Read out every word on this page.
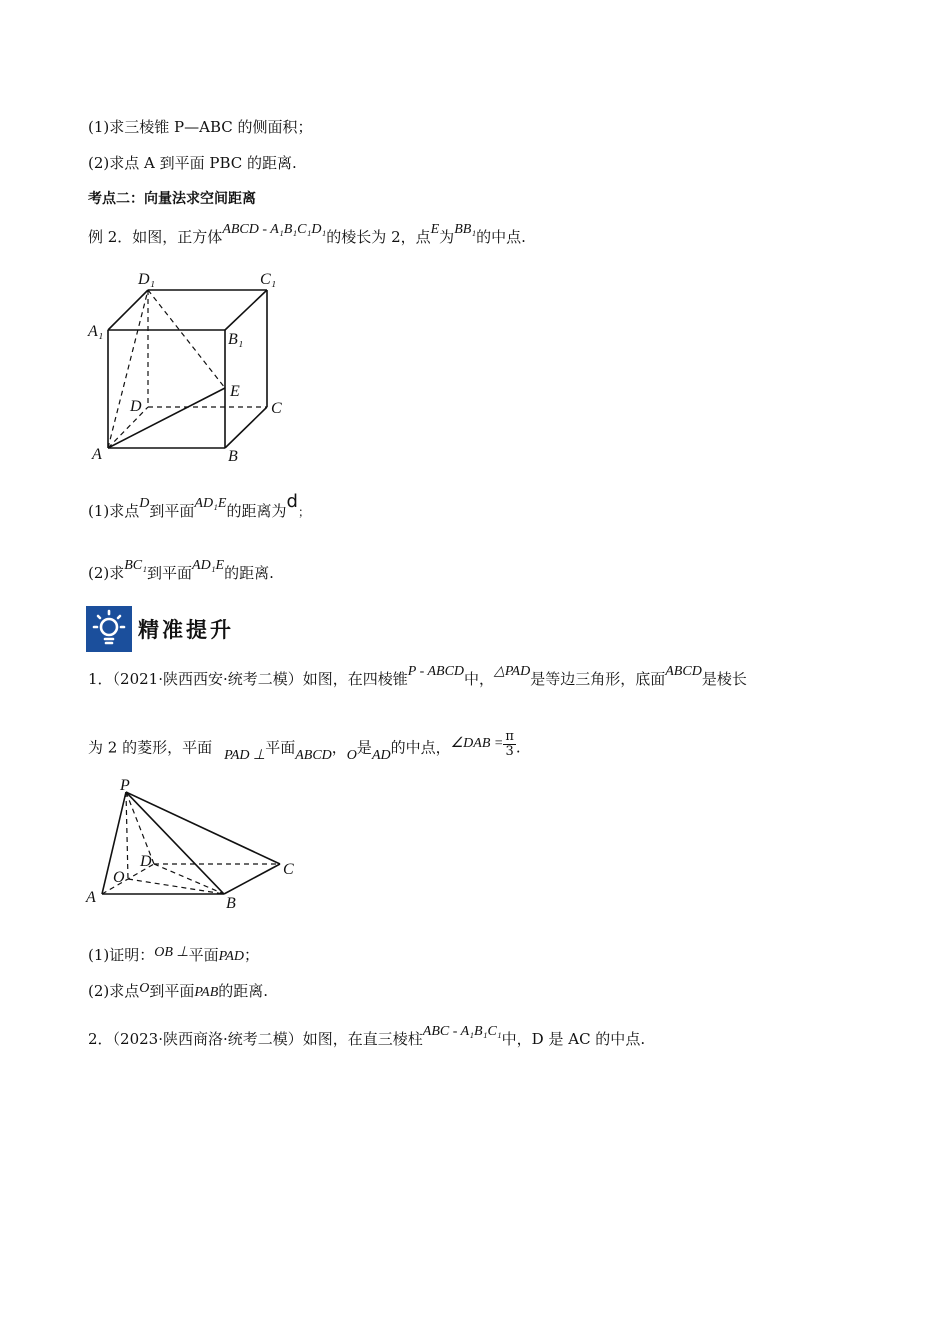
(1)求三棱锥 P—ABC 的侧面积；
(2)求点 A 到平面 PBC 的距离.
考点二：向量法求空间距离
例 2．如图，正方体ABCD - A₁B₁C₁D₁的棱长为 2，点E为BB₁的中点.
D₁	C₁
A₁	B₁
E
D	C
A	B
(1)求点D到平面AD₁E的距离为d；
(2)求BC₁到平面AD₁E的距离.
精准提升
1．（2021·陕西西安·统考二模）如图，在四棱锥P - ABCD中，△PAD是等边三角形，底面ABCD是棱长
为 2 的菱形，平面 PAD ⊥平面ABCD，O是AD的中点，∠DAB = $\frac{\pi}{3}$ .
P
D	C
O
A	B
(1)证明：OB ⊥平面PAD；
(2)求点O到平面PAB的距离.
2．（2023·陕西商洛·统考二模）如图，在直三棱柱ABC - A₁B₁C₁中，D 是 AC 的中点.
